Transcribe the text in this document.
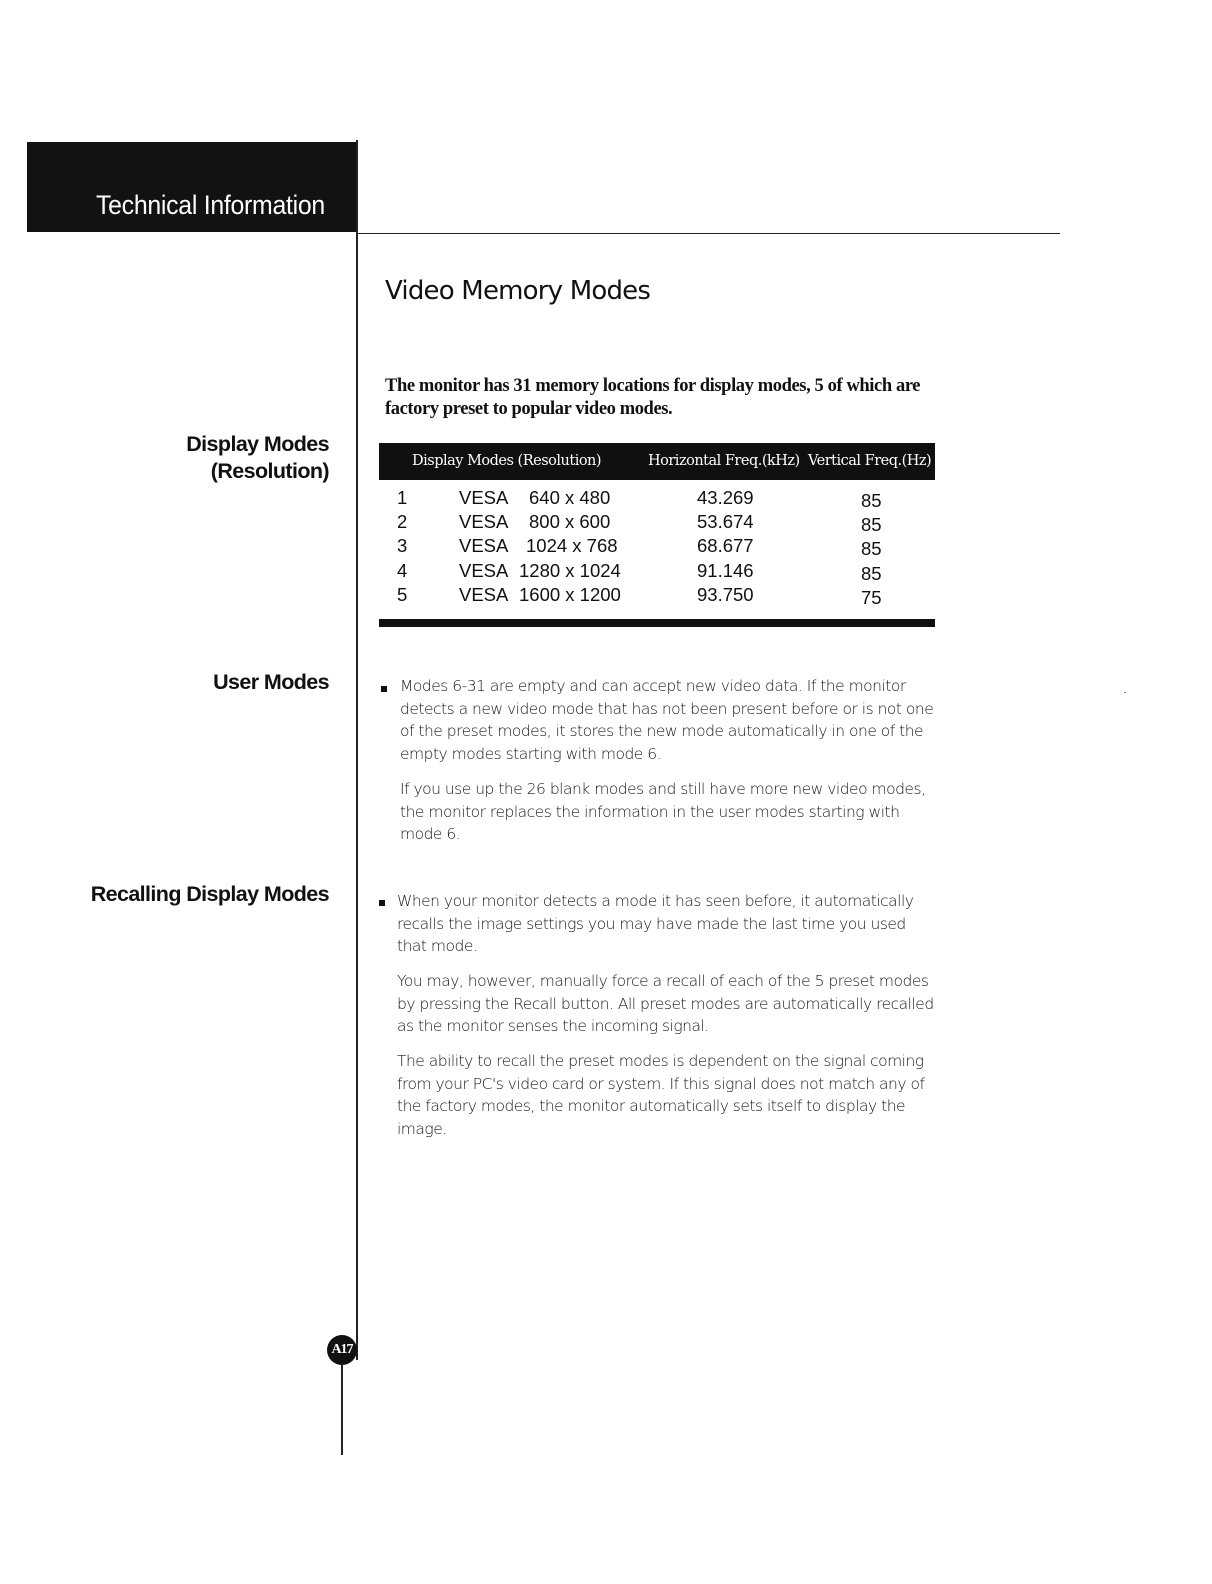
Technical Information
Video Memory Modes
The monitor has 31 memory locations for display modes, 5 of which are factory preset to popular video modes.
Display Modes
(Resolution)
User Modes
Recalling Display Modes
Display Modes (Resolution)	Horizontal Freq.(kHz) Vertical Freq.(Hz)
1	VESA 640 x 480	43.269	85
2	VESA 800 x 600	53.674	85
3	VESA 1024 x 768	68.677	85
4	VESA 1280 x 1024	91.146	85
5	VESA 1600 x 1200	93.750	75
Modes 6-31 are empty and can accept new video data. If the monitor detects a new video mode that has not been present before or is not one of the preset modes, it stores the new mode automatically in one of the empty modes starting with mode 6.
If you use up the 26 blank modes and still have more new video modes, the monitor replaces the information in the user modes starting with mode 6.
When your monitor detects a mode it has seen before, it automatically recalls the image settings you may have made the last time you used that mode.
You may, however, manually force a recall of each of the 5 preset modes by pressing the Recall button. All preset modes are automatically recalled as the monitor senses the incoming signal.
The ability to recall the preset modes is dependent on the signal coming from your PC's video card or system. If this signal does not match any of the factory modes, the monitor automatically sets itself to display the image.
A17
